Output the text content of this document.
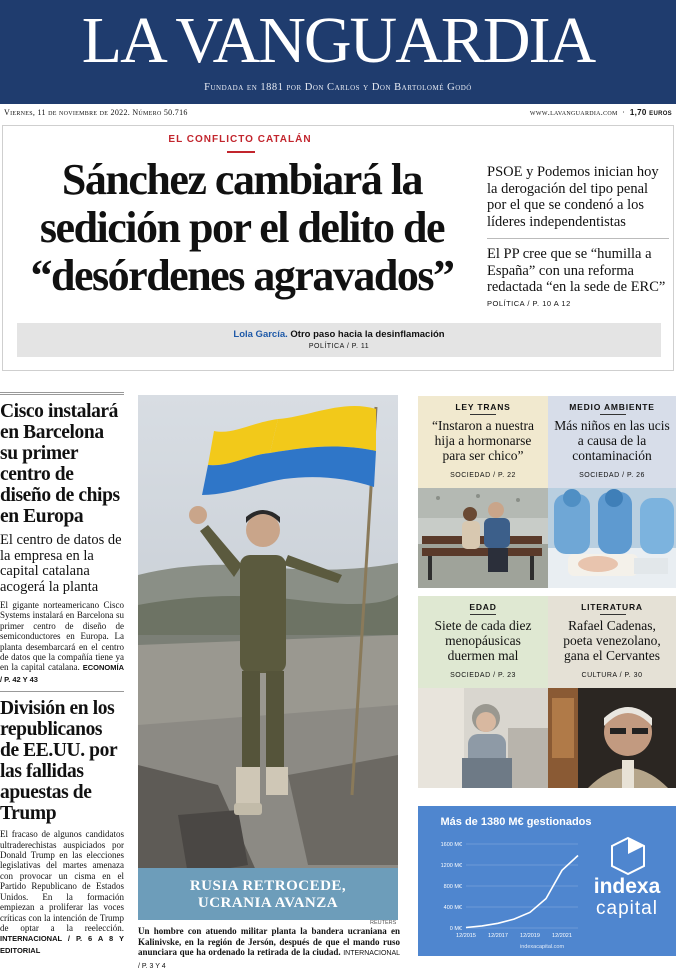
LA VANGUARDIA
Fundada en 1881 por Don Carlos y Don Bartolomé Godó
Viernes, 11 de noviembre de 2022. Número 50.716	www.lavanguardia.com  ·  1,70 euros
EL CONFLICTO CATALÁN
Sánchez cambiará la sedición por el delito de “desórdenes agravados”
PSOE y Podemos inician hoy la derogación del tipo penal por el que se condenó a los líderes independentistas
El PP cree que se “humilla a España” con una reforma redactada “en la sede de ERC”
POLÍTICA / P. 10 A 12
Lola García. Otro paso hacia la desinflamación
POLÍTICA / P. 11
Cisco instalará en Barcelona su primer centro de diseño de chips en Europa
El centro de datos de la empresa en la capital catalana acogerá la planta
El gigante norteamericano Cisco Systems instalará en Barcelona su primer centro de diseño de semiconductores en Europa. La planta desembarcará en el centro de datos que la compañía tiene ya en la capital catalana. ECONOMÍA / P. 42 Y 43
División en los republicanos de EE.UU. por las fallidas apuestas de Trump
El fracaso de algunos candidatos ultraderechistas auspiciados por Donald Trump en las elecciones legislativas del martes amenaza con provocar un cisma en el Partido Republicano de Estados Unidos. En la formación empiezan a proliferar las voces críticas con la intención de Trump de optar a la reelección. INTERNACIONAL / P. 6 A 8 Y EDITORIAL
RUSIA RETROCEDE,
UCRANIA AVANZA
REUTERS
Un hombre con atuendo militar planta la bandera ucraniana en Kalinivske, en la región de Jersón, después de que el mando ruso anunciara que ha ordenado la retirada de la ciudad. INTERNACIONAL / P. 3 Y 4
LEY TRANS
“Instaron a nuestra hija a hormonarse para ser chico”
SOCIEDAD / P. 22
MEDIO AMBIENTE
Más niños en las ucis a causa de la contaminación
SOCIEDAD / P. 26
EDAD
Siete de cada diez menopáusicas duermen mal
SOCIEDAD / P. 23
LITERATURA
Rafael Cadenas, poeta venezolano, gana el Cervantes
CULTURA / P. 30
Más de 1380 M€ gestionados
0 M€
400 M€
800 M€
1200 M€
1600 M€
12/2015 12/2017 12/2019 12/2021
indexa
capital
indexacapital.com
